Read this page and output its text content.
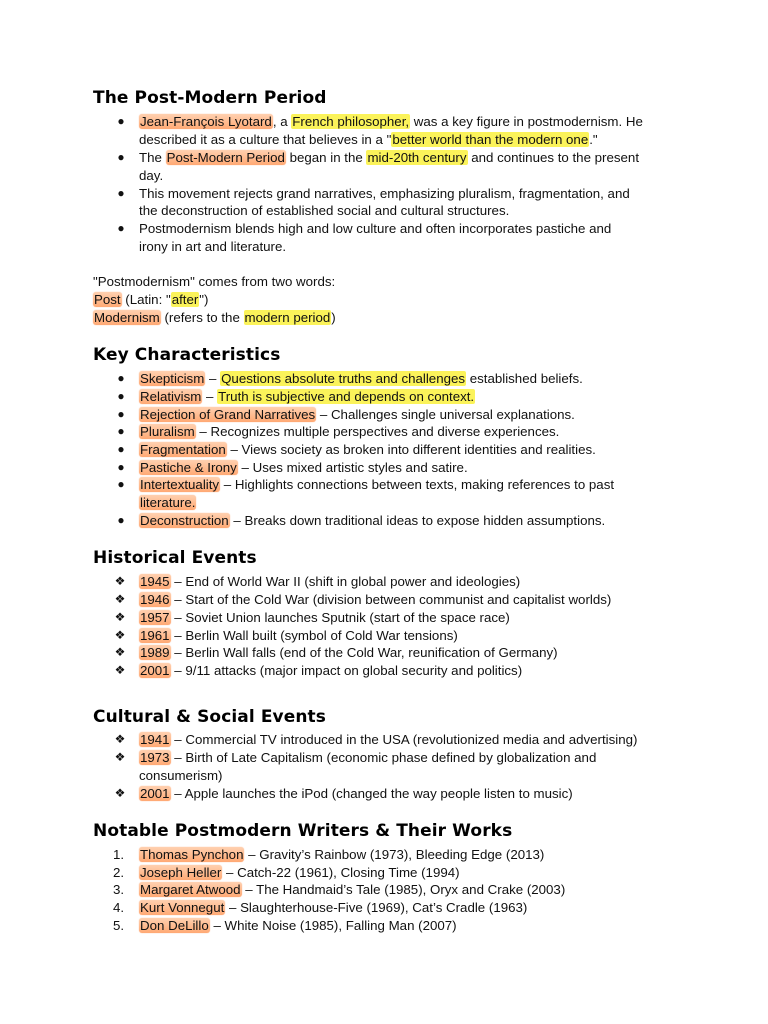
The Post-Modern Period
● Jean-François Lyotard, a French philosopher, was a key figure in postmodernism. He
described it as a culture that believes in a "better world than the modern one."
● The Post-Modern Period began in the mid-20th century and continues to the present
day.
● This movement rejects grand narratives, emphasizing pluralism, fragmentation, and
the deconstruction of established social and cultural structures.
● Postmodernism blends high and low culture and often incorporates pastiche and
irony in art and literature.
"Postmodernism" comes from two words:
Post (Latin: "after")
Modernism (refers to the modern period)
Key Characteristics
● Skepticism – Questions absolute truths and challenges established beliefs.
● Relativism – Truth is subjective and depends on context.
● Rejection of Grand Narratives – Challenges single universal explanations.
● Pluralism – Recognizes multiple perspectives and diverse experiences.
● Fragmentation – Views society as broken into different identities and realities.
● Pastiche & Irony – Uses mixed artistic styles and satire.
● Intertextuality – Highlights connections between texts, making references to past
literature.
● Deconstruction – Breaks down traditional ideas to expose hidden assumptions.
Historical Events
❖ 1945 – End of World War II (shift in global power and ideologies)
❖ 1946 – Start of the Cold War (division between communist and capitalist worlds)
❖ 1957 – Soviet Union launches Sputnik (start of the space race)
❖ 1961 – Berlin Wall built (symbol of Cold War tensions)
❖ 1989 – Berlin Wall falls (end of the Cold War, reunification of Germany)
❖ 2001 – 9/11 attacks (major impact on global security and politics)
Cultural & Social Events
❖ 1941 – Commercial TV introduced in the USA (revolutionized media and advertising)
❖ 1973 – Birth of Late Capitalism (economic phase defined by globalization and
consumerism)
❖ 2001 – Apple launches the iPod (changed the way people listen to music)
Notable Postmodern Writers & Their Works
1.	Thomas Pynchon – Gravity’s Rainbow (1973), Bleeding Edge (2013)
2.	Joseph Heller – Catch-22 (1961), Closing Time (1994)
3.	Margaret Atwood – The Handmaid’s Tale (1985), Oryx and Crake (2003)
4.	Kurt Vonnegut – Slaughterhouse-Five (1969), Cat’s Cradle (1963)
5.	Don DeLillo – White Noise (1985), Falling Man (2007)
